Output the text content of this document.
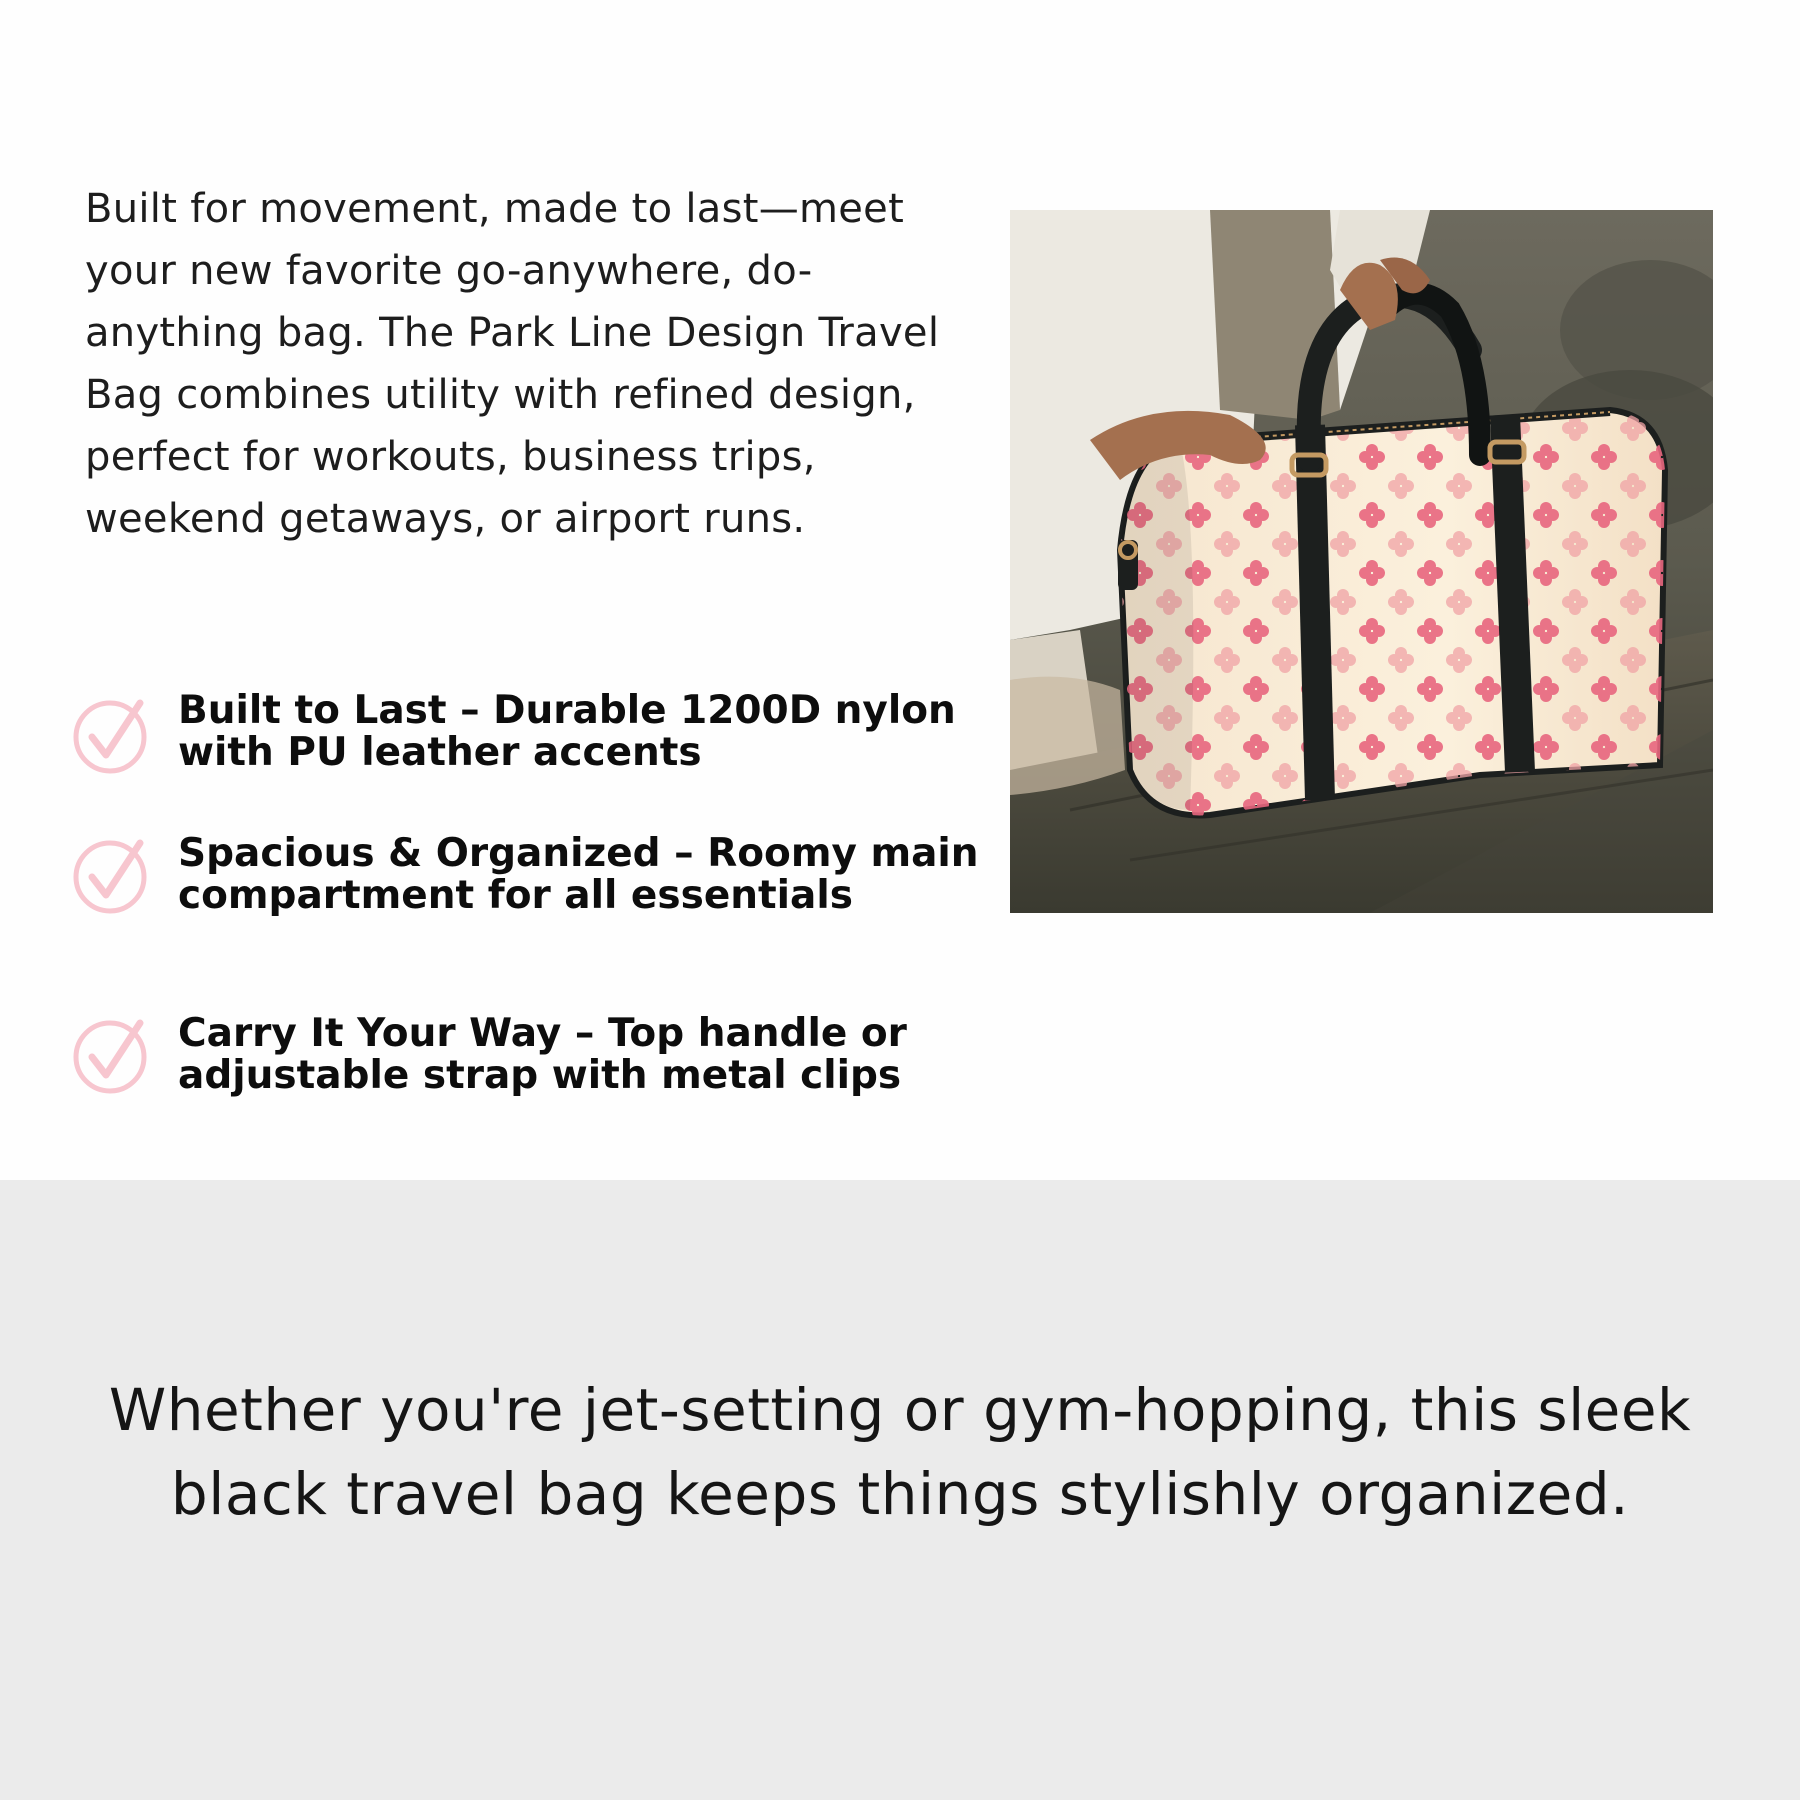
Built for movement, made to last—meet your new favorite go-anywhere, do-anything bag. The Park Line Design Travel Bag combines utility with refined design, perfect for workouts, business trips, weekend getaways, or airport runs.

Built to Last – Durable 1200D nylon with PU leather accents
Spacious & Organized – Roomy main compartment for all essentials
Carry It Your Way – Top handle or adjustable strap with metal clips

Whether you're jet-setting or gym-hopping, this sleek black travel bag keeps things stylishly organized.
